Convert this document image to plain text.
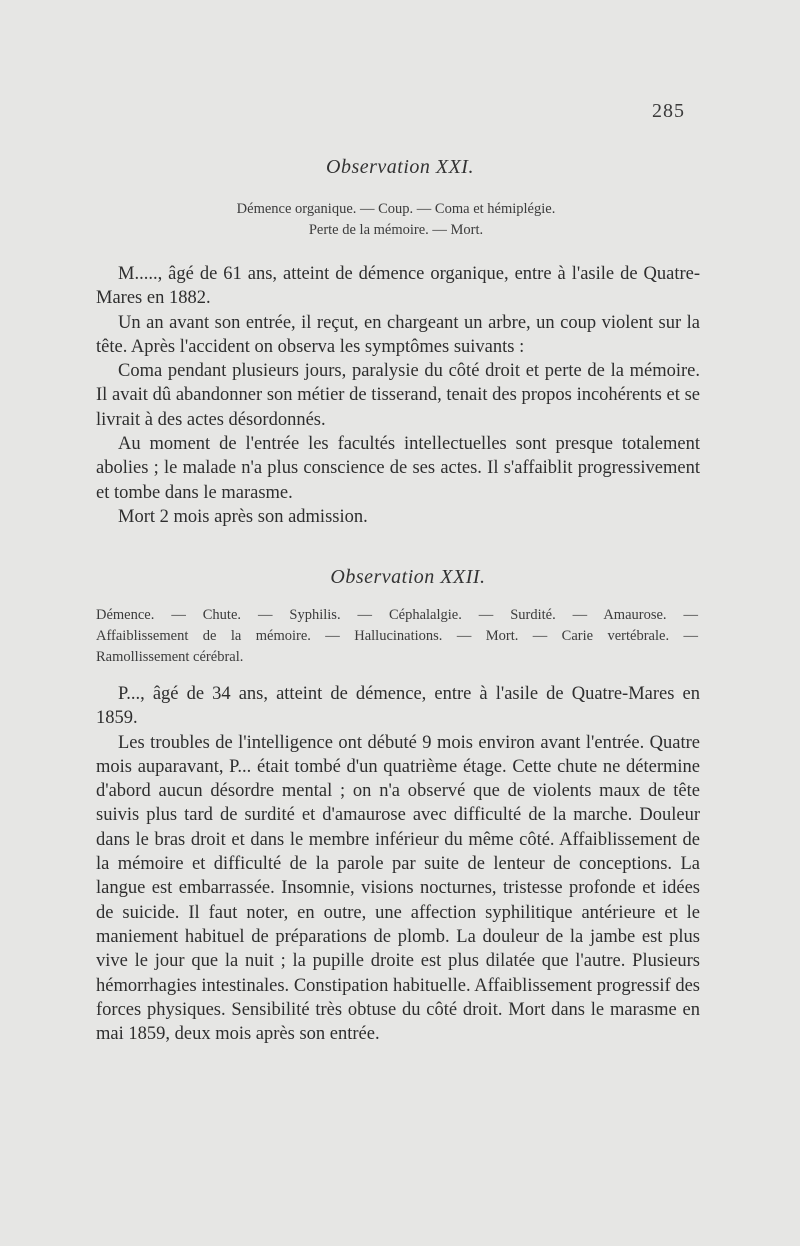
285
Observation XXI.
Démence organique. — Coup. — Coma et hémiplégie.
Perte de la mémoire. — Mort.

M....., âgé de 61 ans, atteint de démence organique, entre à l'asile de Quatre-Mares en 1882.

Un an avant son entrée, il reçut, en chargeant un arbre, un coup violent sur la tête. Après l'accident on observa les symptômes suivants :

Coma pendant plusieurs jours, paralysie du côté droit et perte de la mémoire. Il avait dû abandonner son métier de tisserand, tenait des propos incohérents et se livrait à des actes désordonnés.

Au moment de l'entrée les facultés intellectuelles sont presque totalement abolies ; le malade n'a plus conscience de ses actes. Il s'affaiblit progressivement et tombe dans le marasme.

Mort 2 mois après son admission.

Observation XXII.
Démence. — Chute. — Syphilis. — Céphalalgie. — Surdité. — Amaurose. —
Affaiblissement de la mémoire. — Hallucinations. — Mort. — Carie vertébrale. —
Ramollissement cérébral.

P..., âgé de 34 ans, atteint de démence, entre à l'asile de Quatre-Mares en 1859.

Les troubles de l'intelligence ont débuté 9 mois environ avant l'entrée. Quatre mois auparavant, P... était tombé d'un quatrième étage. Cette chute ne détermine d'abord aucun désordre mental ; on n'a observé que de violents maux de tête suivis plus tard de surdité et d'amaurose avec difficulté de la marche. Douleur dans le bras droit et dans le membre inférieur du même côté. Affaiblissement de la mémoire et difficulté de la parole par suite de lenteur de conceptions. La langue est embarrassée. Insomnie, visions nocturnes, tristesse profonde et idées de suicide. Il faut noter, en outre, une affection syphilitique antérieure et le maniement habituel de préparations de plomb. La douleur de la jambe est plus vive le jour que la nuit ; la pupille droite est plus dilatée que l'autre. Plusieurs hémorrhagies intestinales. Constipation habituelle. Affaiblissement progressif des forces physiques. Sensibilité très obtuse du côté droit. Mort dans le marasme en mai 1859, deux mois après son entrée.
